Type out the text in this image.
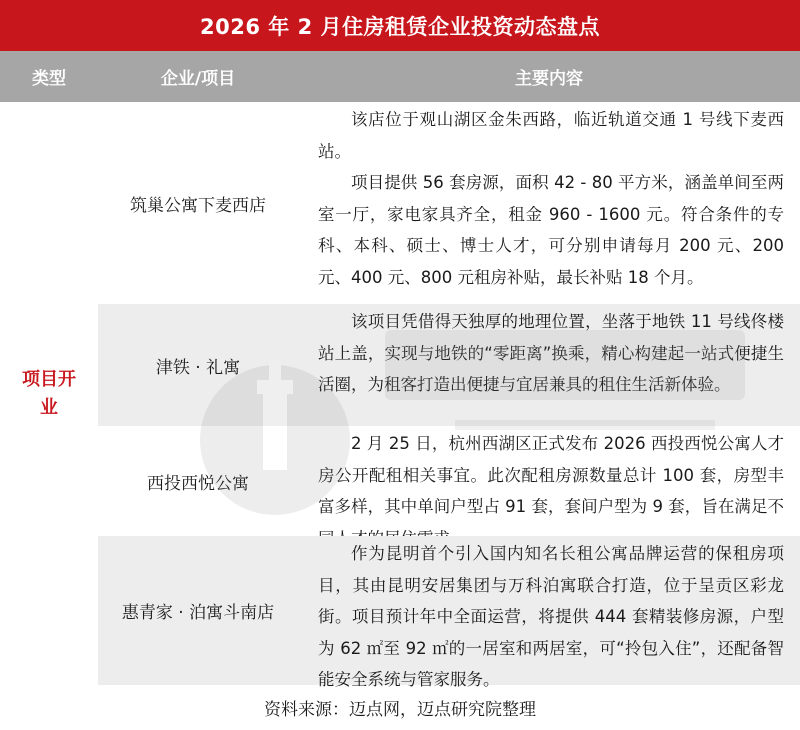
2026 年 2 月住房租赁企业投资动态盘点
类型	企业/项目	主要内容
项目开业
筑巢公寓下麦西店

该店位于观山湖区金朱西路，临近轨道交通 1 号线下麦西站。

项目提供 56 套房源，面积 42 - 80 平方米，涵盖单间至两室一厅，家电家具齐全，租金 960 - 1600 元。符合条件的专科、本科、硕士、博士人才，可分别申请每月 200 元、200 元、400 元、800 元租房补贴，最长补贴 18 个月。

津铁 · 礼寓

该项目凭借得天独厚的地理位置，坐落于地铁 11 号线佟楼站上盖，实现与地铁的“零距离”换乘，精心构建起一站式便捷生活圈，为租客打造出便捷与宜居兼具的租住生活新体验。

西投西悦公寓

2 月 25 日，杭州西湖区正式发布 2026 西投西悦公寓人才房公开配租相关事宜。此次配租房源数量总计 100 套，房型丰富多样，其中单间户型占 91 套，套间户型为 9 套，旨在满足不

惠青家 · 泊寓斗南店

作为昆明首个引入国内知名长租公寓品牌运营的保租房项目，其由昆明安居集团与万科泊寓联合打造，位于呈贡区彩龙街。项目预计年中全面运营，将提供 444 套精装修房源，户型为 62 ㎡至 92 ㎡的一居室和两居室，可“拎包入住”，还配备智能安全系统与管家服务。

资料来源：迈点网，迈点研究院整理
